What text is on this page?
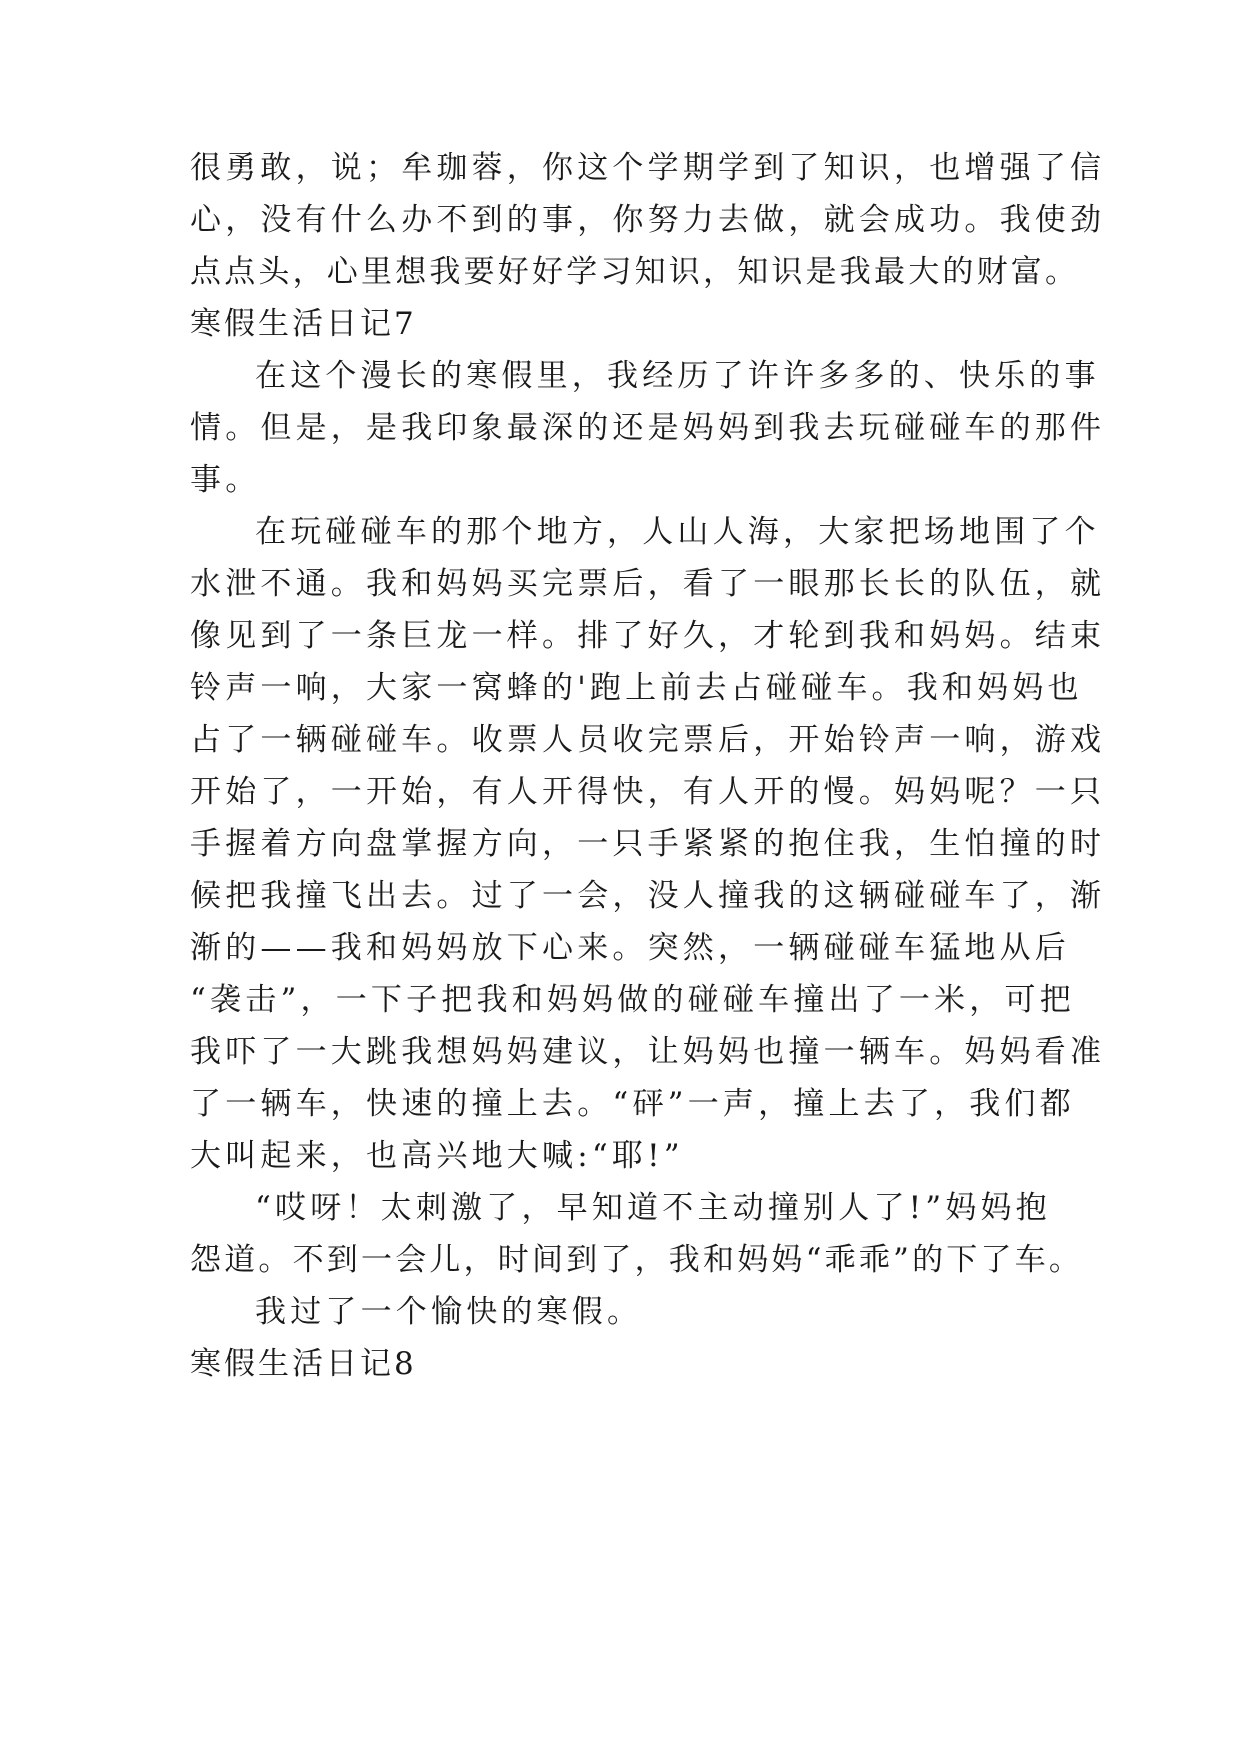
很勇敢，说；牟珈蓉，你这个学期学到了知识，也增强了信
心，没有什么办不到的事，你努力去做，就会成功。我使劲
点点头，心里想我要好好学习知识，知识是我最大的财富。
寒假生活日记7
在这个漫长的寒假里，我经历了许许多多的、快乐的事
情。但是，是我印象最深的还是妈妈到我去玩碰碰车的那件
事。
在玩碰碰车的那个地方，人山人海，大家把场地围了个
水泄不通。我和妈妈买完票后，看了一眼那长长的队伍，就
像见到了一条巨龙一样。排了好久，才轮到我和妈妈。结束
铃声一响，大家一窝蜂的'跑上前去占碰碰车。我和妈妈也
占了一辆碰碰车。收票人员收完票后，开始铃声一响，游戏
开始了，一开始，有人开得快，有人开的慢。妈妈呢？一只
手握着方向盘掌握方向，一只手紧紧的抱住我，生怕撞的时
候把我撞飞出去。过了一会，没人撞我的这辆碰碰车了，渐
渐的——我和妈妈放下心来。突然，一辆碰碰车猛地从后
“袭击”，一下子把我和妈妈做的碰碰车撞出了一米，可把
我吓了一大跳我想妈妈建议，让妈妈也撞一辆车。妈妈看准
了一辆车，快速的撞上去。“砰”一声，撞上去了，我们都
大叫起来，也高兴地大喊:“耶!”
“哎呀！太刺激了，早知道不主动撞别人了!”妈妈抱
怨道。不到一会儿，时间到了，我和妈妈“乖乖”的下了车。
我过了一个愉快的寒假。
寒假生活日记8
